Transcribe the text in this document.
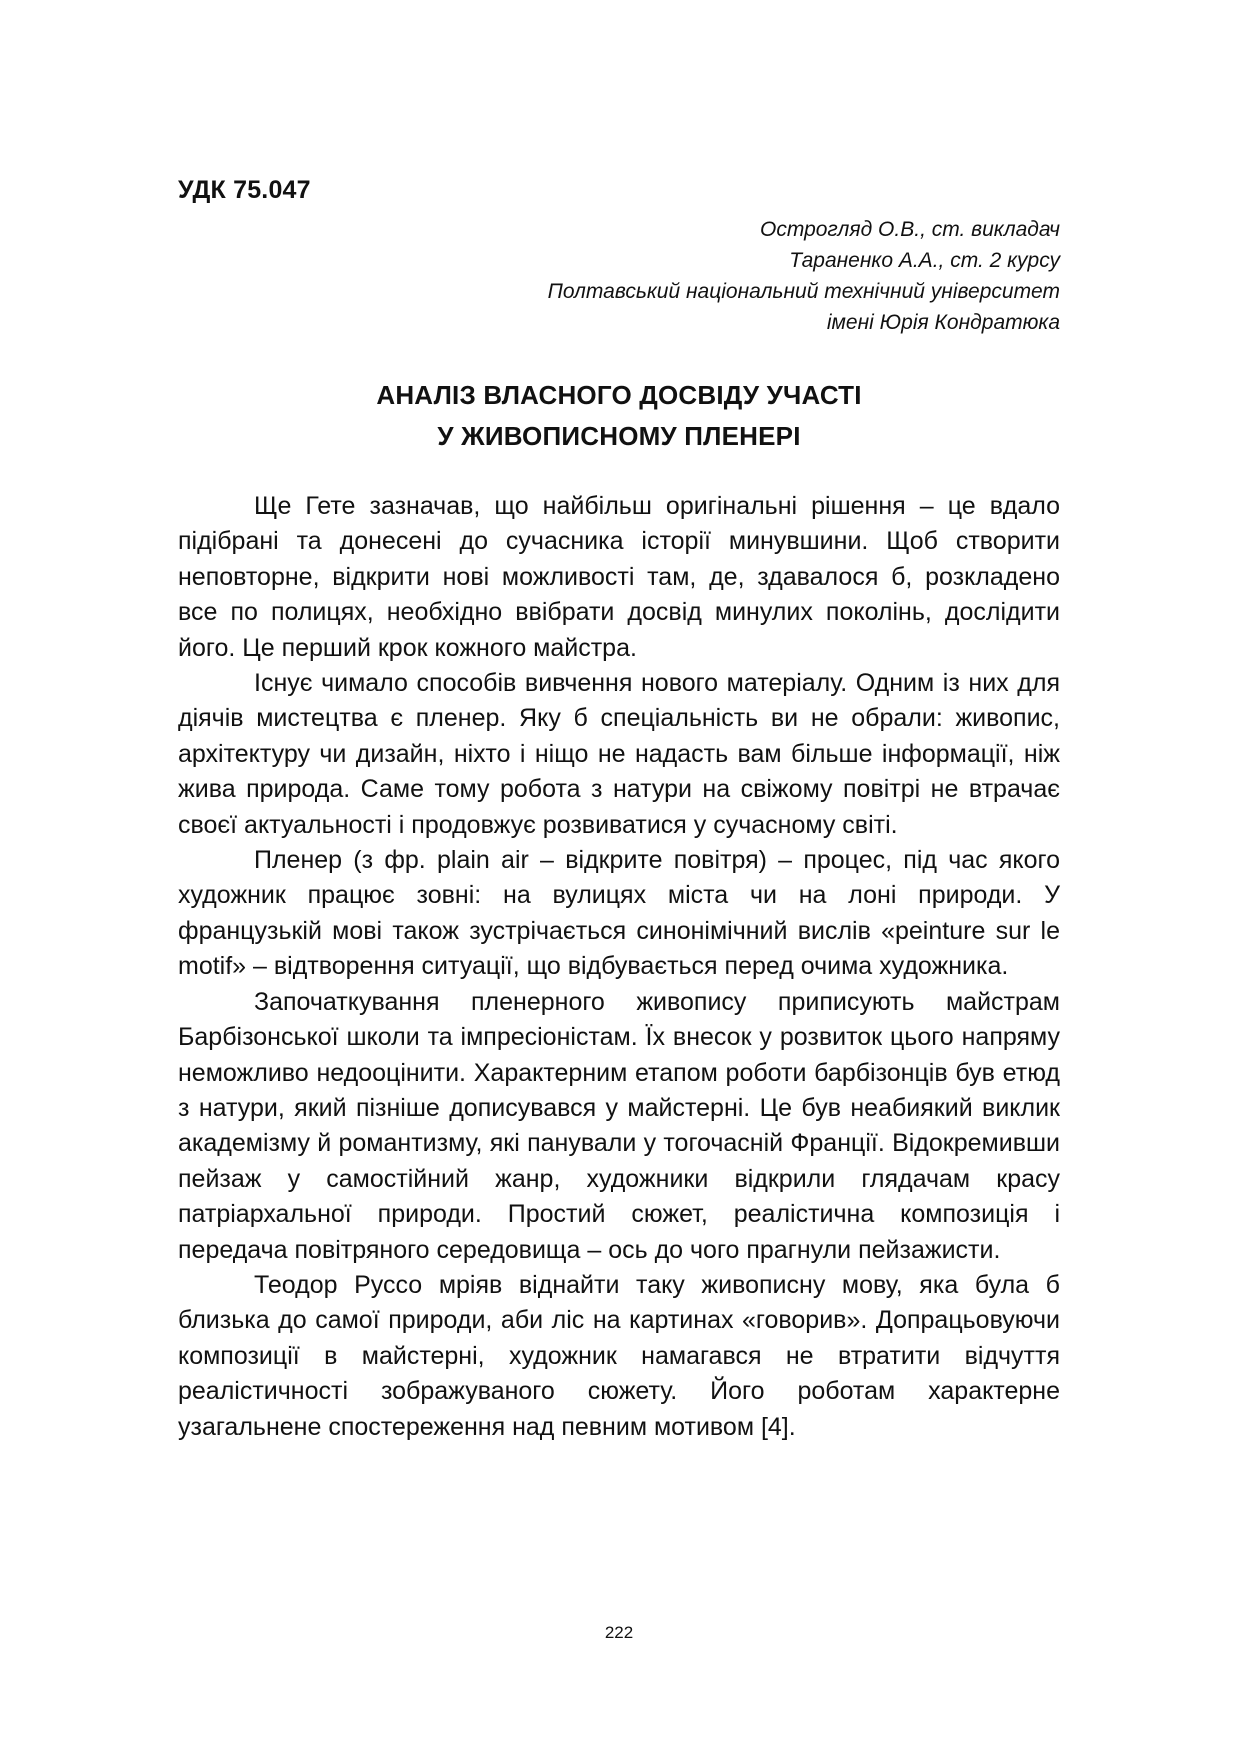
УДК 75.047
Острогляд О.В., ст. викладач
Тараненко А.А., ст. 2 курсу
Полтавський національний технічний університет
імені Юрія Кондратюка
АНАЛІЗ ВЛАСНОГО ДОСВІДУ УЧАСТІ
У ЖИВОПИСНОМУ ПЛЕНЕРІ

Ще Гете зазначав, що найбільш оригінальні рішення – це вдало підібрані та донесені до сучасника історії минувшини. Щоб створити неповторне, відкрити нові можливості там, де, здавалося б, розкладено все по полицях, необхідно ввібрати досвід минулих поколінь, дослідити його. Це перший крок кожного майстра.

Існує чимало способів вивчення нового матеріалу. Одним із них для діячів мистецтва є пленер. Яку б спеціальність ви не обрали: живопис, архітектуру чи дизайн, ніхто і ніщо не надасть вам більше інформації, ніж жива природа. Саме тому робота з натури на свіжому повітрі не втрачає своєї актуальності і продовжує розвиватися у сучасному світі.

Пленер (з фр. plain air – відкрите повітря) – процес, під час якого художник працює зовні: на вулицях міста чи на лоні природи. У французькій мові також зустрічається синонімічний вислів «peinture sur le motif» – відтворення ситуації, що відбувається перед очима художника.

Започаткування пленерного живопису приписують майстрам Барбізонської школи та імпресіоністам. Їх внесок у розвиток цього напряму неможливо недооцінити. Характерним етапом роботи барбізонців був етюд з натури, який пізніше дописувався у майстерні. Це був неабиякий виклик академізму й романтизму, які панували у тогочасній Франції. Відокремивши пейзаж у самостійний жанр, художники відкрили глядачам красу патріархальної природи. Простий сюжет, реалістична композиція і передача повітряного середовища – ось до чого прагнули пейзажисти.

Теодор Руссо мріяв віднайти таку живописну мову, яка була б близька до самої природи, аби ліс на картинах «говорив». Допрацьовуючи композиції в майстерні, художник намагався не втратити відчуття реалістичності зображуваного сюжету. Його роботам характерне узагальнене спостереження над певним мотивом [4].

222
